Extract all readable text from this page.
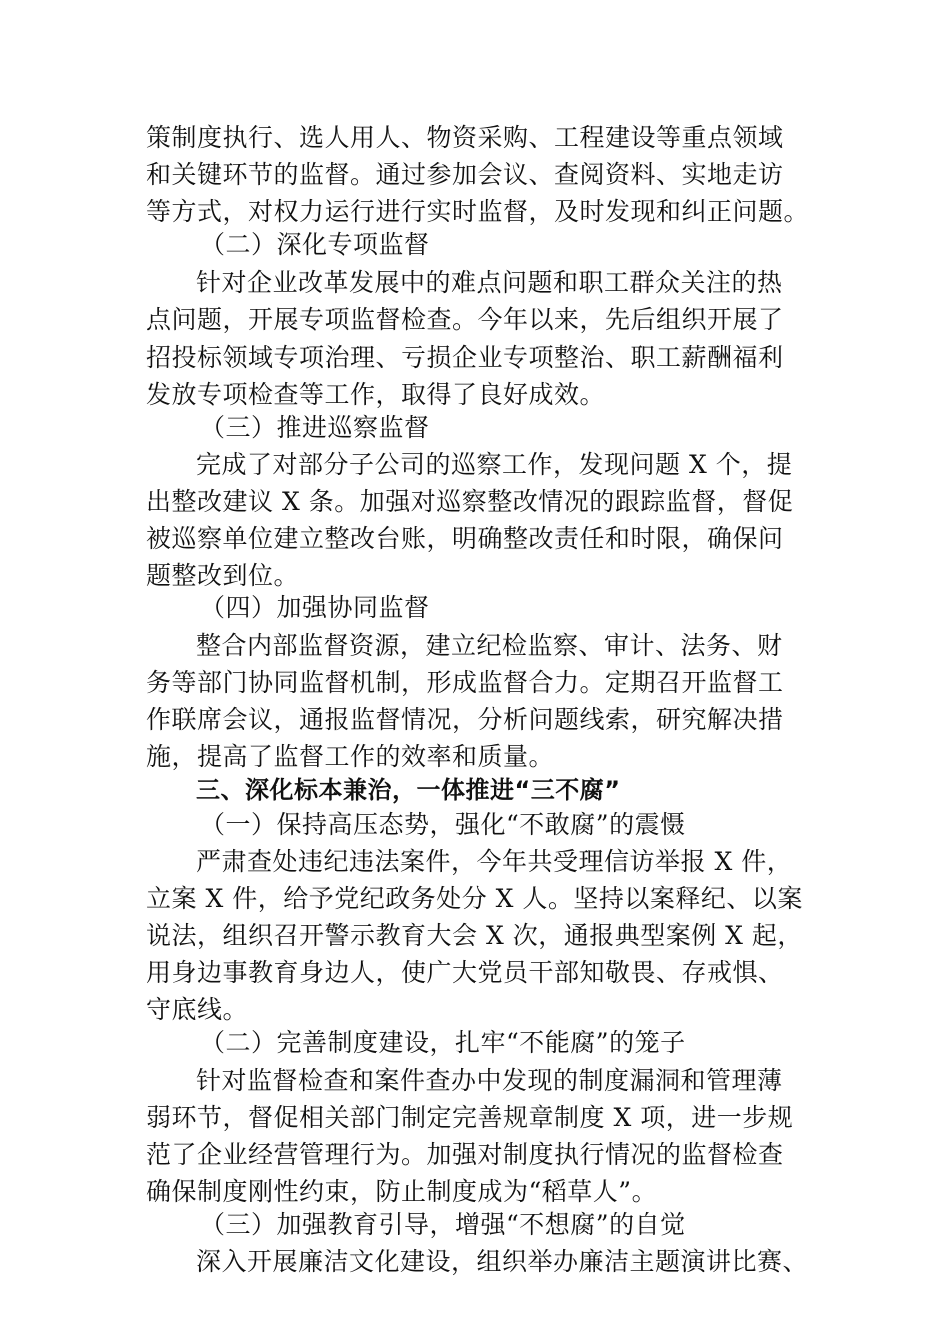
策制度执行、选人用人、物资采购、工程建设等重点领域
和关键环节的监督。通过参加会议、查阅资料、实地走访
等方式，对权力运行进行实时监督，及时发现和纠正问题。
（二）深化专项监督
针对企业改革发展中的难点问题和职工群众关注的热
点问题，开展专项监督检查。今年以来，先后组织开展了
招投标领域专项治理、亏损企业专项整治、职工薪酬福利
发放专项检查等工作，取得了良好成效。
（三）推进巡察监督
完成了对部分子公司的巡察工作，发现问题 X 个，提
出整改建议 X 条。加强对巡察整改情况的跟踪监督，督促
被巡察单位建立整改台账，明确整改责任和时限，确保问
题整改到位。
（四）加强协同监督
整合内部监督资源，建立纪检监察、审计、法务、财
务等部门协同监督机制，形成监督合力。定期召开监督工
作联席会议，通报监督情况，分析问题线索，研究解决措
施，提高了监督工作的效率和质量。
三、深化标本兼治，一体推进“三不腐”
（一）保持高压态势，强化“不敢腐”的震慑
严肃查处违纪违法案件，今年共受理信访举报 X 件，
立案 X 件，给予党纪政务处分 X 人。坚持以案释纪、以案
说法，组织召开警示教育大会 X 次，通报典型案例 X 起，
用身边事教育身边人，使广大党员干部知敬畏、存戒惧、
守底线。
（二）完善制度建设，扎牢“不能腐”的笼子
针对监督检查和案件查办中发现的制度漏洞和管理薄
弱环节，督促相关部门制定完善规章制度 X 项，进一步规
范了企业经营管理行为。加强对制度执行情况的监督检查
确保制度刚性约束，防止制度成为“稻草人”。
（三）加强教育引导，增强“不想腐”的自觉
深入开展廉洁文化建设，组织举办廉洁主题演讲比赛、
